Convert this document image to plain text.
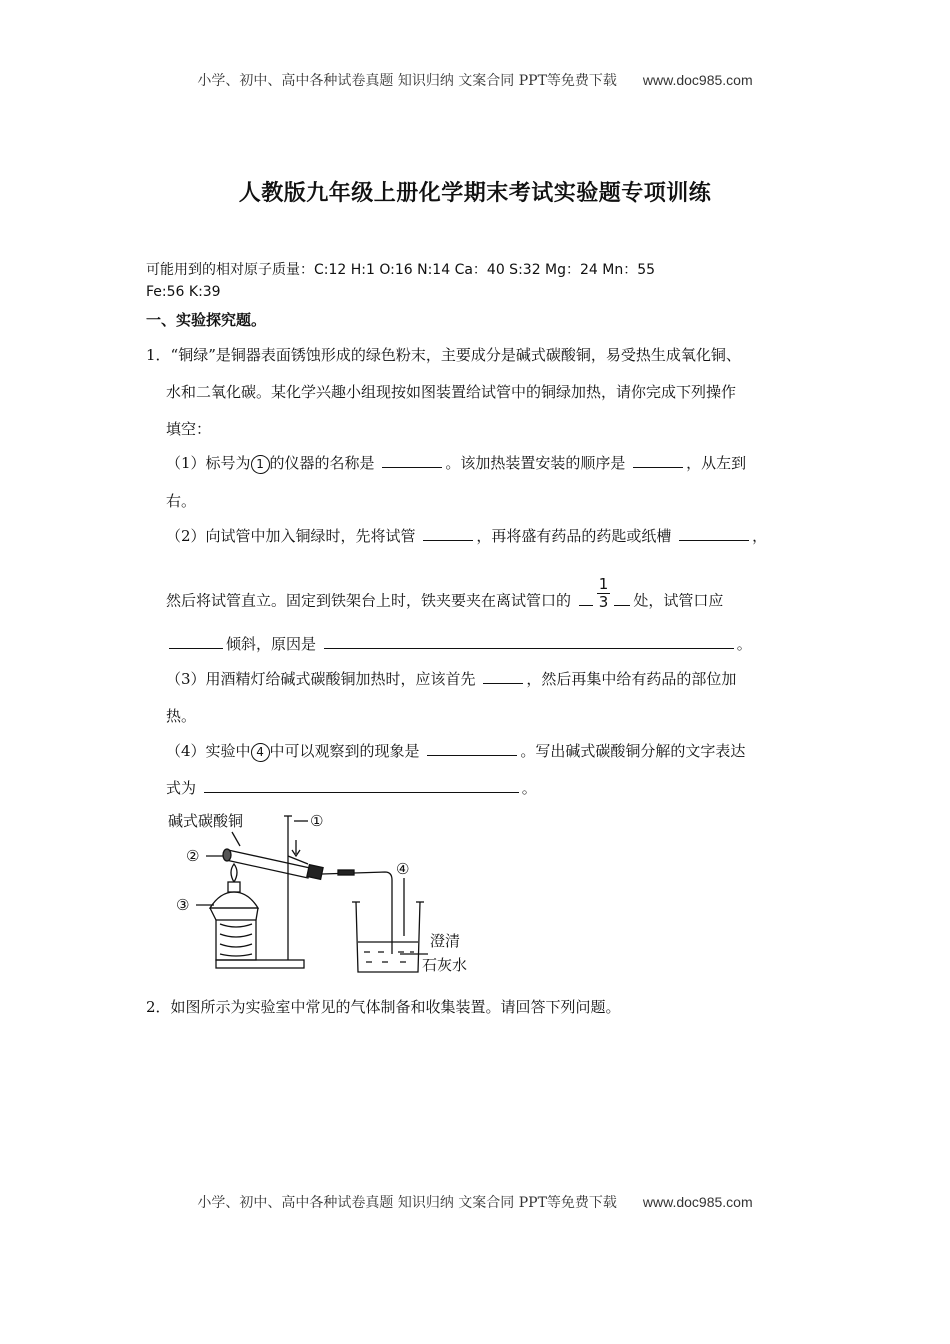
小学、初中、高中各种试卷真题 知识归纳 文案合同 PPT等免费下载 www.doc985.com
人教版九年级上册化学期末考试实验题专项训练
可能用到的相对原子质量：C:12 H:1 O:16 N:14 Ca：40 S:32 Mg：24 Mn：55
Fe:56 K:39
一、实验探究题。
1．“铜绿”是铜器表面锈蚀形成的绿色粉末，主要成分是碱式碳酸铜，易受热生成氧化铜、
水和二氧化碳。某化学兴趣小组现按如图装置给试管中的铜绿加热，请你完成下列操作
填空：
（1）标号为 1 的仪器的名称是	。该加热装置安装的顺序是	，从左到
右。
（2）向试管中加入铜绿时，先将试管	，再将盛有药品的药匙或纸槽	，
然后将试管直立。固定到铁架台上时，铁夹要夹在离试管口的 $\frac{1}{3}$ 处，试管口应
倾斜，原因是	。
（3）用酒精灯给碱式碳酸铜加热时，应该首先	，然后再集中给有药品的部位加
热。
（4）实验中 4 中可以观察到的现象是	。写出碱式碳酸铜分解的文字表达
式为	。
碱式碳酸铜	①
②
③
④
澄清
石灰水
2．如图所示为实验室中常见的气体制备和收集装置。请回答下列问题。
小学、初中、高中各种试卷真题 知识归纳 文案合同 PPT等免费下载 www.doc985.com
